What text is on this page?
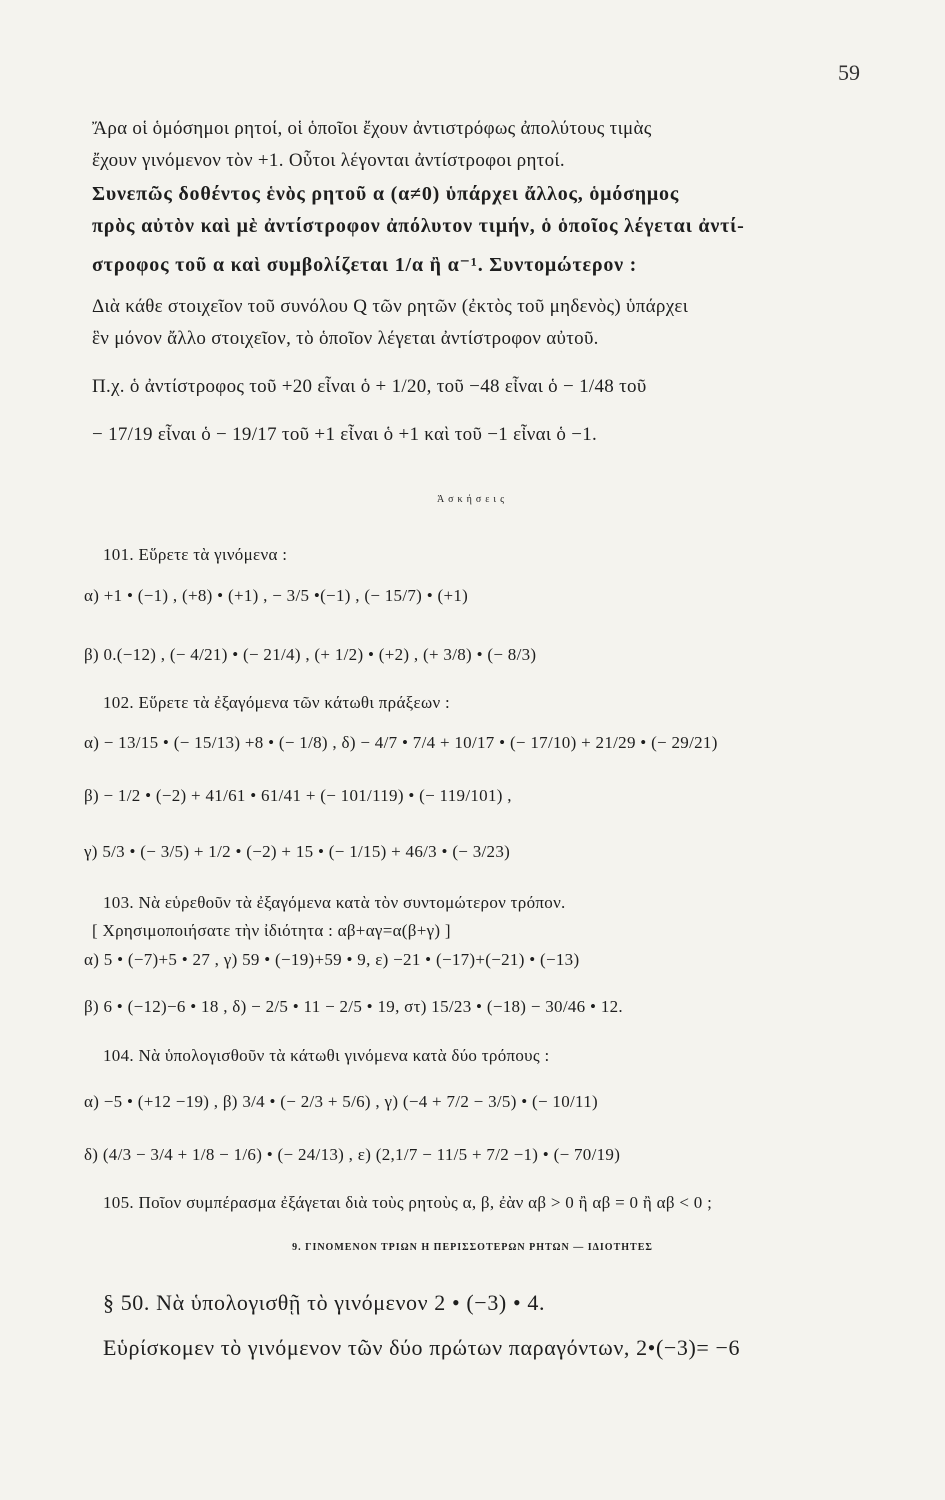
59
Ἄρα οἱ ὁμόσημοι ρητοί, οἱ ὁποῖοι ἔχουν ἀντιστρόφως ἀπολύτους τιμὰς
ἔχουν γινόμενον τὸν +1. Οὗτοι λέγονται ἀντίστροφοι ρητοί.
Συνεπῶς δοθέντος ἑνὸς ρητοῦ α (α≠0) ὑπάρχει ἄλλος, ὁμόσημος
πρὸς αὐτὸν καὶ μὲ ἀντίστροφον ἀπόλυτον τιμήν, ὁ ὁποῖος λέγεται ἀντί-
στροφος τοῦ α καὶ συμβολίζεται 1/α ἢ α⁻¹. Συντομώτερον :
Διὰ κάθε στοιχεῖον τοῦ συνόλου Q τῶν ρητῶν (ἐκτὸς τοῦ μηδενὸς) ὑπάρχει
ἓν μόνον ἄλλο στοιχεῖον, τὸ ὁποῖον λέγεται ἀντίστροφον αὐτοῦ.
Π.χ. ὁ ἀντίστροφος τοῦ +20 εἶναι ὁ + 1/20, τοῦ −48 εἶναι ὁ − 1/48 τοῦ
− 17/19 εἶναι ὁ − 19/17 τοῦ +1 εἶναι ὁ +1 καὶ τοῦ −1 εἶναι ὁ −1.
Ἀσκήσεις
101. Εὕρετε τὰ γινόμενα :
α) +1 • (−1) , (+8) • (+1) , − 3/5 •(−1) , (− 15/7) • (+1)
β) 0.(−12) , (− 4/21) • (− 21/4) , (+ 1/2) • (+2) , (+ 3/8) • (− 8/3)
102. Εὕρετε τὰ ἐξαγόμενα τῶν κάτωθι πράξεων :
α) − 13/15 • (− 15/13) +8 • (− 1/8) , δ) − 4/7 • 7/4 + 10/17 • (− 17/10) + 21/29 • (− 29/21)
β) − 1/2 • (−2) + 41/61 • 61/41 + (− 101/119) • (− 119/101) ,
γ) 5/3 • (− 3/5) + 1/2 • (−2) + 15 • (− 1/15) + 46/3 • (− 3/23)
103. Νὰ εὑρεθοῦν τὰ ἐξαγόμενα κατὰ τὸν συντομώτερον τρόπον.
[ Χρησιμοποιήσατε τὴν ἰδιότητα : αβ+αγ=α(β+γ) ]
α) 5 • (−7)+5 • 27 , γ) 59 • (−19)+59 • 9, ε) −21 • (−17)+(−21) • (−13)
β) 6 • (−12)−6 • 18 , δ) − 2/5 • 11 − 2/5 • 19, στ) 15/23 • (−18) − 30/46 • 12.
104. Νὰ ὑπολογισθοῦν τὰ κάτωθι γινόμενα κατὰ δύο τρόπους :
α) −5 • (+12 −19) , β) 3/4 • (− 2/3 + 5/6) , γ) (−4 + 7/2 − 3/5) • (− 10/11)
δ) (4/3 − 3/4 + 1/8 − 1/6) • (− 24/13) , ε) (2,1/7 − 11/5 + 7/2 −1) • (− 70/19)
105. Ποῖον συμπέρασμα ἐξάγεται διὰ τοὺς ρητοὺς α, β, ἐὰν αβ > 0 ἢ αβ = 0 ἢ αβ < 0 ;
9. ΓΙΝΟΜΕΝΟΝ ΤΡΙΩΝ Η ΠΕΡΙΣΣΟΤΕΡΩΝ ΡΗΤΩΝ — ΙΔΙΟΤΗΤΕΣ
§ 50. Νὰ ὑπολογισθῇ τὸ γινόμενον 2 • (−3) • 4.
Εὑρίσκομεν τὸ γινόμενον τῶν δύο πρώτων παραγόντων, 2•(−3)= −6
